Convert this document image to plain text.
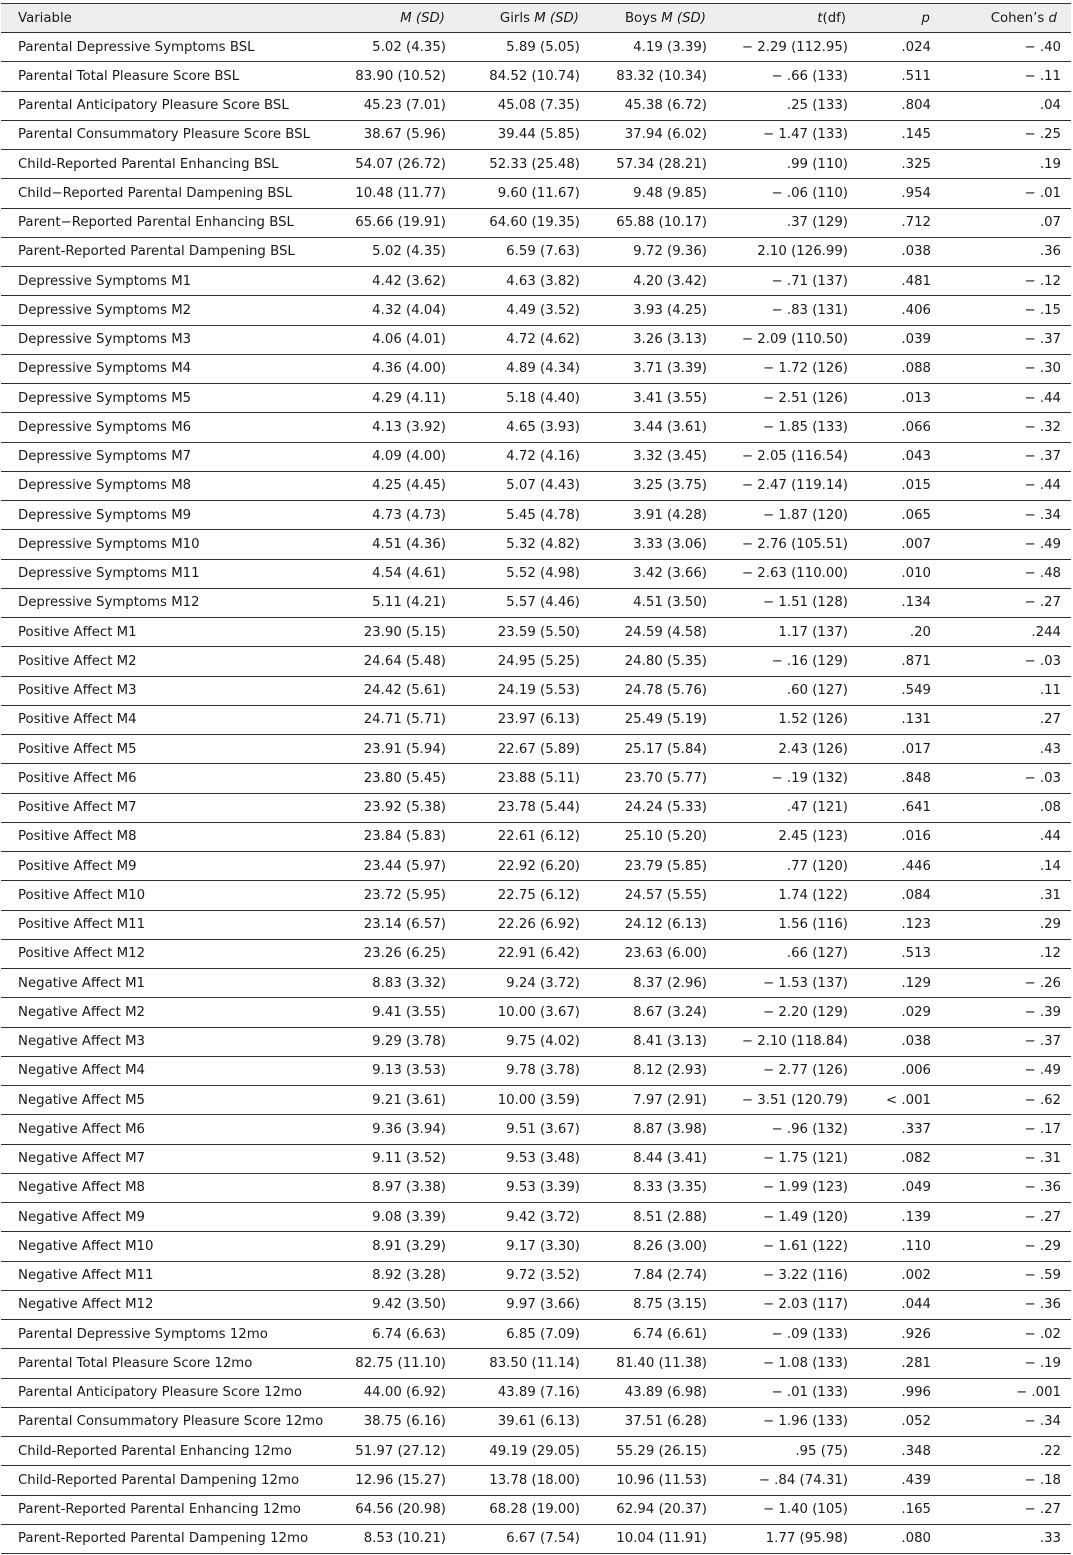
Variable	M (SD)	Girls M (SD)	Boys M (SD)	t(df)	p	Cohen’s d
Parental Depressive Symptoms BSL	5.02 (4.35)	5.89 (5.05)	4.19 (3.39)	− 2.29 (112.95)	.024	− .40
Parental Total Pleasure Score BSL	83.90 (10.52)	84.52 (10.74)	83.32 (10.34)	− .66 (133)	.511	− .11
Parental Anticipatory Pleasure Score BSL	45.23 (7.01)	45.08 (7.35)	45.38 (6.72)	.25 (133)	.804	.04
Parental Consummatory Pleasure Score BSL	38.67 (5.96)	39.44 (5.85)	37.94 (6.02)	− 1.47 (133)	.145	− .25
Child-Reported Parental Enhancing BSL	54.07 (26.72)	52.33 (25.48)	57.34 (28.21)	.99 (110)	.325	.19
Child−Reported Parental Dampening BSL	10.48 (11.77)	9.60 (11.67)	9.48 (9.85)	− .06 (110)	.954	− .01
Parent−Reported Parental Enhancing BSL	65.66 (19.91)	64.60 (19.35)	65.88 (10.17)	.37 (129)	.712	.07
Parent-Reported Parental Dampening BSL	5.02 (4.35)	6.59 (7.63)	9.72 (9.36)	2.10 (126.99)	.038	.36
Depressive Symptoms M1	4.42 (3.62)	4.63 (3.82)	4.20 (3.42)	− .71 (137)	.481	− .12
Depressive Symptoms M2	4.32 (4.04)	4.49 (3.52)	3.93 (4.25)	− .83 (131)	.406	− .15
Depressive Symptoms M3	4.06 (4.01)	4.72 (4.62)	3.26 (3.13)	− 2.09 (110.50)	.039	− .37
Depressive Symptoms M4	4.36 (4.00)	4.89 (4.34)	3.71 (3.39)	− 1.72 (126)	.088	− .30
Depressive Symptoms M5	4.29 (4.11)	5.18 (4.40)	3.41 (3.55)	− 2.51 (126)	.013	− .44
Depressive Symptoms M6	4.13 (3.92)	4.65 (3.93)	3.44 (3.61)	− 1.85 (133)	.066	− .32
Depressive Symptoms M7	4.09 (4.00)	4.72 (4.16)	3.32 (3.45)	− 2.05 (116.54)	.043	− .37
Depressive Symptoms M8	4.25 (4.45)	5.07 (4.43)	3.25 (3.75)	− 2.47 (119.14)	.015	− .44
Depressive Symptoms M9	4.73 (4.73)	5.45 (4.78)	3.91 (4.28)	− 1.87 (120)	.065	− .34
Depressive Symptoms M10	4.51 (4.36)	5.32 (4.82)	3.33 (3.06)	− 2.76 (105.51)	.007	− .49
Depressive Symptoms M11	4.54 (4.61)	5.52 (4.98)	3.42 (3.66)	− 2.63 (110.00)	.010	− .48
Depressive Symptoms M12	5.11 (4.21)	5.57 (4.46)	4.51 (3.50)	− 1.51 (128)	.134	− .27
Positive Affect M1	23.90 (5.15)	23.59 (5.50)	24.59 (4.58)	1.17 (137)	.20	.244
Positive Affect M2	24.64 (5.48)	24.95 (5.25)	24.80 (5.35)	− .16 (129)	.871	− .03
Positive Affect M3	24.42 (5.61)	24.19 (5.53)	24.78 (5.76)	.60 (127)	.549	.11
Positive Affect M4	24.71 (5.71)	23.97 (6.13)	25.49 (5.19)	1.52 (126)	.131	.27
Positive Affect M5	23.91 (5.94)	22.67 (5.89)	25.17 (5.84)	2.43 (126)	.017	.43
Positive Affect M6	23.80 (5.45)	23.88 (5.11)	23.70 (5.77)	− .19 (132)	.848	− .03
Positive Affect M7	23.92 (5.38)	23.78 (5.44)	24.24 (5.33)	.47 (121)	.641	.08
Positive Affect M8	23.84 (5.83)	22.61 (6.12)	25.10 (5.20)	2.45 (123)	.016	.44
Positive Affect M9	23.44 (5.97)	22.92 (6.20)	23.79 (5.85)	.77 (120)	.446	.14
Positive Affect M10	23.72 (5.95)	22.75 (6.12)	24.57 (5.55)	1.74 (122)	.084	.31
Positive Affect M11	23.14 (6.57)	22.26 (6.92)	24.12 (6.13)	1.56 (116)	.123	.29
Positive Affect M12	23.26 (6.25)	22.91 (6.42)	23.63 (6.00)	.66 (127)	.513	.12
Negative Affect M1	8.83 (3.32)	9.24 (3.72)	8.37 (2.96)	− 1.53 (137)	.129	− .26
Negative Affect M2	9.41 (3.55)	10.00 (3.67)	8.67 (3.24)	− 2.20 (129)	.029	− .39
Negative Affect M3	9.29 (3.78)	9.75 (4.02)	8.41 (3.13)	− 2.10 (118.84)	.038	− .37
Negative Affect M4	9.13 (3.53)	9.78 (3.78)	8.12 (2.93)	− 2.77 (126)	.006	− .49
Negative Affect M5	9.21 (3.61)	10.00 (3.59)	7.97 (2.91)	− 3.51 (120.79)	< .001	− .62
Negative Affect M6	9.36 (3.94)	9.51 (3.67)	8.87 (3.98)	− .96 (132)	.337	− .17
Negative Affect M7	9.11 (3.52)	9.53 (3.48)	8.44 (3.41)	− 1.75 (121)	.082	− .31
Negative Affect M8	8.97 (3.38)	9.53 (3.39)	8.33 (3.35)	− 1.99 (123)	.049	− .36
Negative Affect M9	9.08 (3.39)	9.42 (3.72)	8.51 (2.88)	− 1.49 (120)	.139	− .27
Negative Affect M10	8.91 (3.29)	9.17 (3.30)	8.26 (3.00)	− 1.61 (122)	.110	− .29
Negative Affect M11	8.92 (3.28)	9.72 (3.52)	7.84 (2.74)	− 3.22 (116)	.002	− .59
Negative Affect M12	9.42 (3.50)	9.97 (3.66)	8.75 (3.15)	− 2.03 (117)	.044	− .36
Parental Depressive Symptoms 12mo	6.74 (6.63)	6.85 (7.09)	6.74 (6.61)	− .09 (133)	.926	− .02
Parental Total Pleasure Score 12mo	82.75 (11.10)	83.50 (11.14)	81.40 (11.38)	− 1.08 (133)	.281	− .19
Parental Anticipatory Pleasure Score 12mo	44.00 (6.92)	43.89 (7.16)	43.89 (6.98)	− .01 (133)	.996	− .001
Parental Consummatory Pleasure Score 12mo	38.75 (6.16)	39.61 (6.13)	37.51 (6.28)	− 1.96 (133)	.052	− .34
Child-Reported Parental Enhancing 12mo	51.97 (27.12)	49.19 (29.05)	55.29 (26.15)	.95 (75)	.348	.22
Child-Reported Parental Dampening 12mo	12.96 (15.27)	13.78 (18.00)	10.96 (11.53)	− .84 (74.31)	.439	− .18
Parent-Reported Parental Enhancing 12mo	64.56 (20.98)	68.28 (19.00)	62.94 (20.37)	− 1.40 (105)	.165	− .27
Parent-Reported Parental Dampening 12mo	8.53 (10.21)	6.67 (7.54)	10.04 (11.91)	1.77 (95.98)	.080	.33
